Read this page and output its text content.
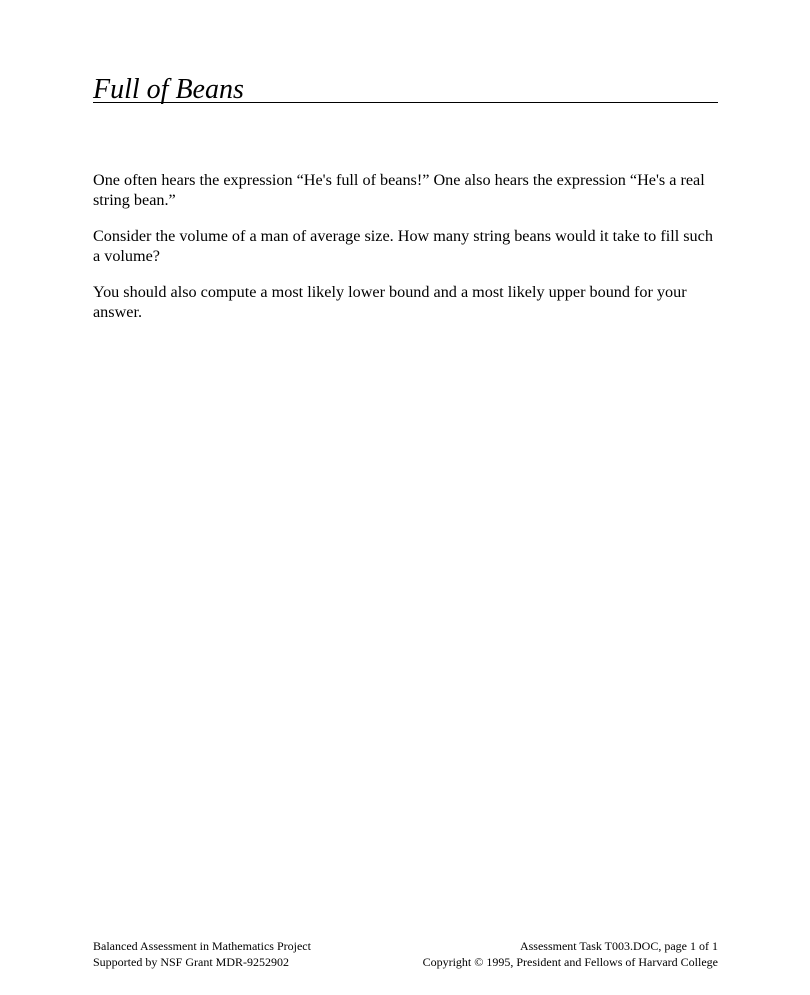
Full of Beans

One often hears the expression “He's full of beans!” One also hears the expression “He's a real string bean.”

Consider the volume of a man of average size. How many string beans would it take to fill such a volume?

You should also compute a most likely lower bound and a most likely upper bound for your answer.

Balanced Assessment in Mathematics Project
Supported by NSF Grant MDR-9252902
Assessment Task T003.DOC, page 1 of 1
Copyright © 1995, President and Fellows of Harvard College
